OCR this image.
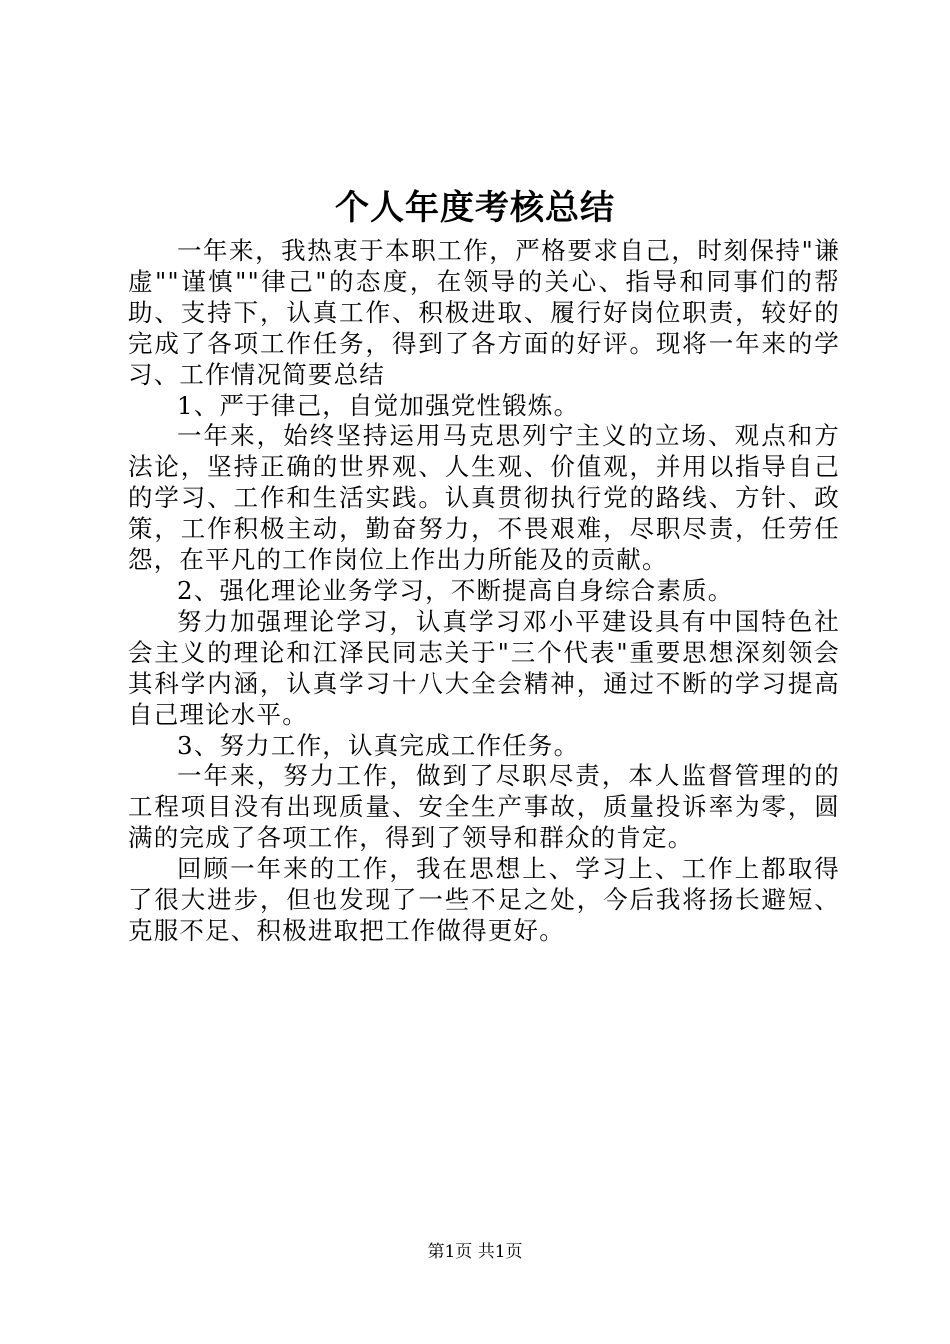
个人年度考核总结

一年来，我热衷于本职工作，严格要求自己，时刻保持"谦虚""谨慎""律己"的态度，在领导的关心、指导和同事们的帮助、支持下，认真工作、积极进取、履行好岗位职责，较好的完成了各项工作任务，得到了各方面的好评。现将一年来的学习、工作情况简要总结

1、严于律己，自觉加强党性锻炼。

一年来，始终坚持运用马克思列宁主义的立场、观点和方法论，坚持正确的世界观、人生观、价值观，并用以指导自己的学习、工作和生活实践。认真贯彻执行党的路线、方针、政策，工作积极主动，勤奋努力，不畏艰难，尽职尽责，任劳任怨，在平凡的工作岗位上作出力所能及的贡献。

2、强化理论业务学习，不断提高自身综合素质。

努力加强理论学习，认真学习邓小平建设具有中国特色社会主义的理论和江泽民同志关于"三个代表"重要思想深刻领会其科学内涵，认真学习十八大全会精神，通过不断的学习提高自己理论水平。

3、努力工作，认真完成工作任务。

一年来，努力工作，做到了尽职尽责，本人监督管理的的工程项目没有出现质量、安全生产事故，质量投诉率为零，圆满的完成了各项工作，得到了领导和群众的肯定。

回顾一年来的工作，我在思想上、学习上、工作上都取得了很大进步，但也发现了一些不足之处，今后我将扬长避短、克服不足、积极进取把工作做得更好。

第1页 共1页
